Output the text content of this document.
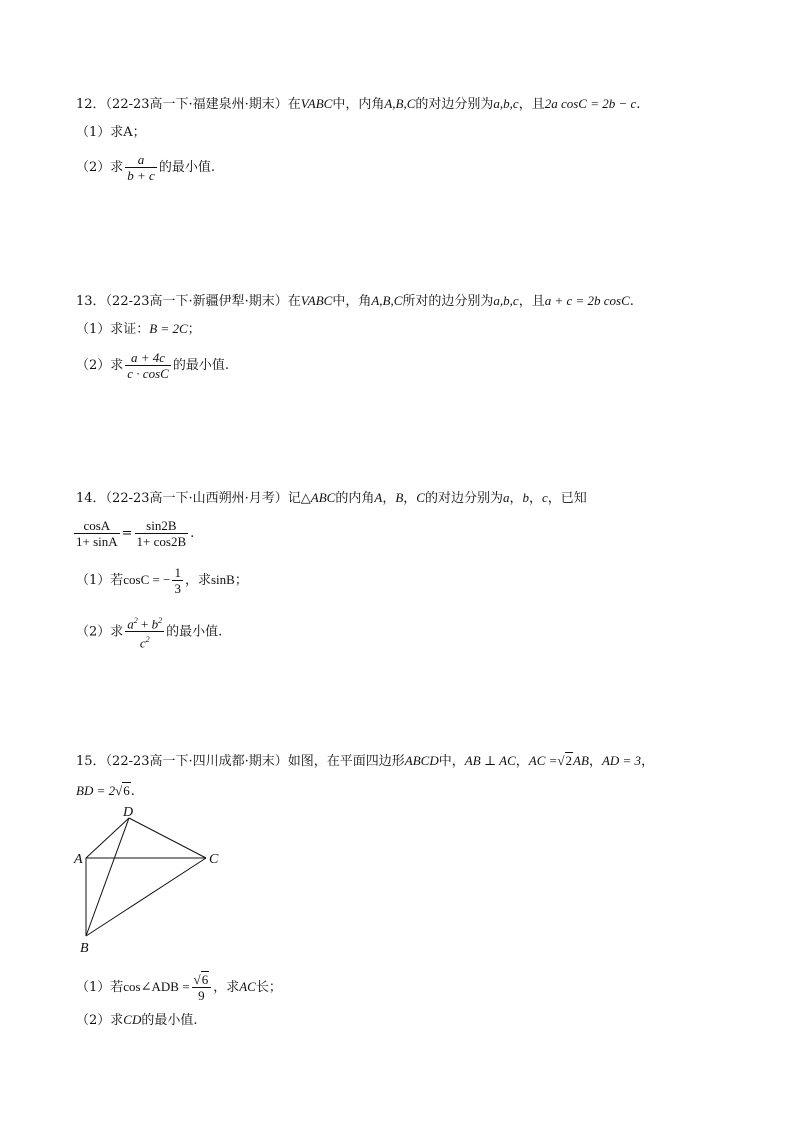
12．（22-23高一下·福建泉州·期末）在VABC中，内角A,B,C的对边分别为a,b,c，且2a cosC = 2b − c.
（1）求A；
（2）求 $\frac{a}{b + c}$ 的最小值.
13．（22-23高一下·新疆伊犁·期末）在VABC中，角A,B,C所对的边分别为a,b,c，且a + c = 2b cosC.
（1）求证：B = 2C；
（2）求 $\frac{a + 4c}{c \cdot \cos C}$ 的最小值.
14．（22-23高一下·山西朔州·月考）记△ABC的内角A，B，C的对边分别为a，b，c，已知
$\frac{\cos A}{1+ \sin A} = \frac{\sin 2B}{1+ \cos 2B}$ .
（1）若cosC = − $\frac{1}{3}$ ，求sinB；
（2）求 $\frac{a^2 + b^2}{c^2}$ 的最小值.
15．（22-23高一下·四川成都·期末）如图，在平面四边形ABCD中，AB ⊥ AC，AC =√2AB，AD = 3，
BD = 2√6.
D
A	C
B
（1）若cos∠ADB = $\frac{√6}{9}$ ，求AC长；
（2）求CD的最小值.
